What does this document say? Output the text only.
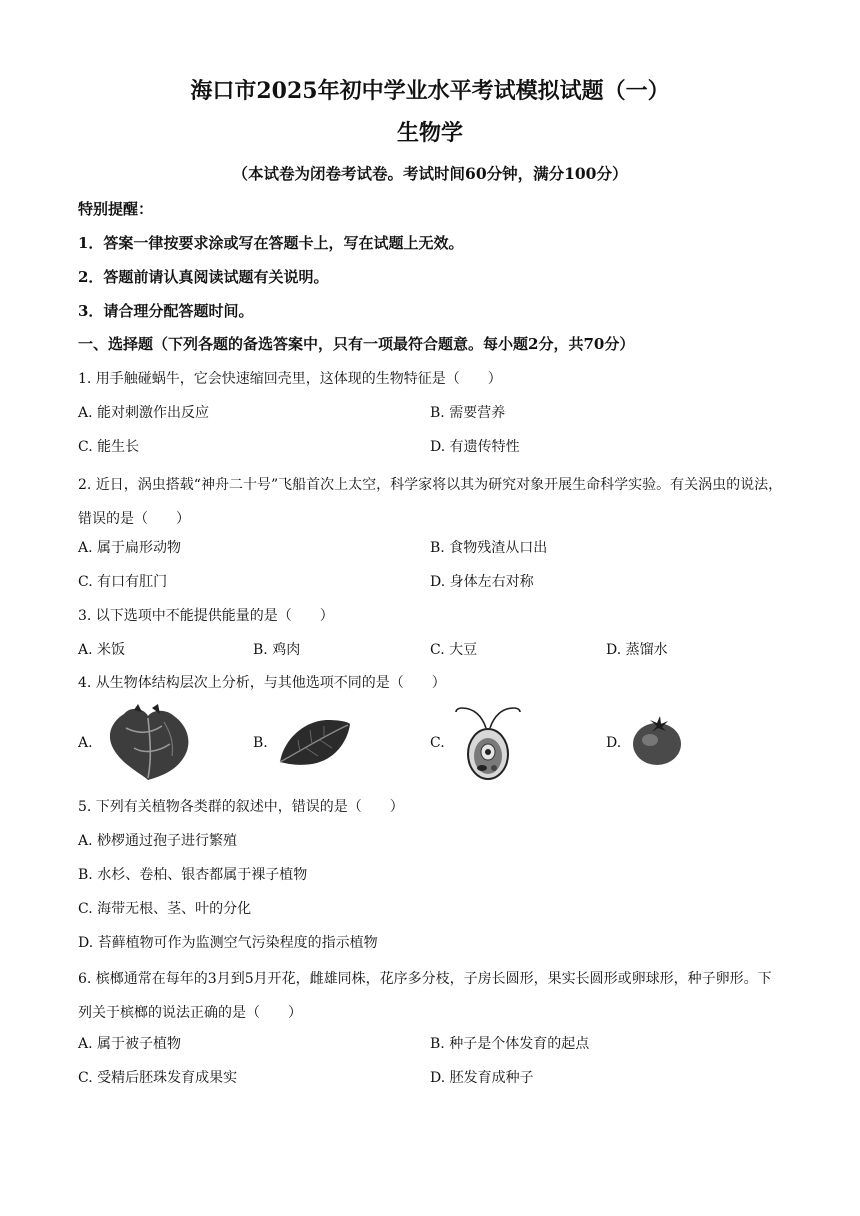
海口市2025年初中学业水平考试模拟试题（一）
生物学
（本试卷为闭卷考试卷。考试时间60分钟，满分100分）
特别提醒：
1．答案一律按要求涂或写在答题卡上，写在试题上无效。
2．答题前请认真阅读试题有关说明。
3．请合理分配答题时间。
一、选择题（下列各题的备选答案中，只有一项最符合题意。每小题2分，共70分）
1. 用手触碰蜗牛，它会快速缩回壳里，这体现的生物特征是（　　）
A. 能对刺激作出反应	B. 需要营养
C. 能生长	D. 有遗传特性
2. 近日，涡虫搭载“神舟二十号”飞船首次上太空，科学家将以其为研究对象开展生命科学实验。有关涡虫的说法，错误的是（　　）
A. 属于扁形动物	B. 食物残渣从口出
C. 有口有肛门	D. 身体左右对称
3. 以下选项中不能提供能量的是（　　）
A. 米饭	B. 鸡肉	C. 大豆	D. 蒸馏水
4. 从生物体结构层次上分析，与其他选项不同的是（　　）
A.	B.	C.	D.
5. 下列有关植物各类群的叙述中，错误的是（　　）
A. 桫椤通过孢子进行繁殖
B. 水杉、卷柏、银杏都属于裸子植物
C. 海带无根、茎、叶的分化
D. 苔藓植物可作为监测空气污染程度的指示植物
6. 槟榔通常在每年的3月到5月开花，雌雄同株，花序多分枝，子房长圆形，果实长圆形或卵球形，种子卵形。下列关于槟榔的说法正确的是（　　）
A. 属于被子植物	B. 种子是个体发育的起点
C. 受精后胚珠发育成果实	D. 胚发育成种子
